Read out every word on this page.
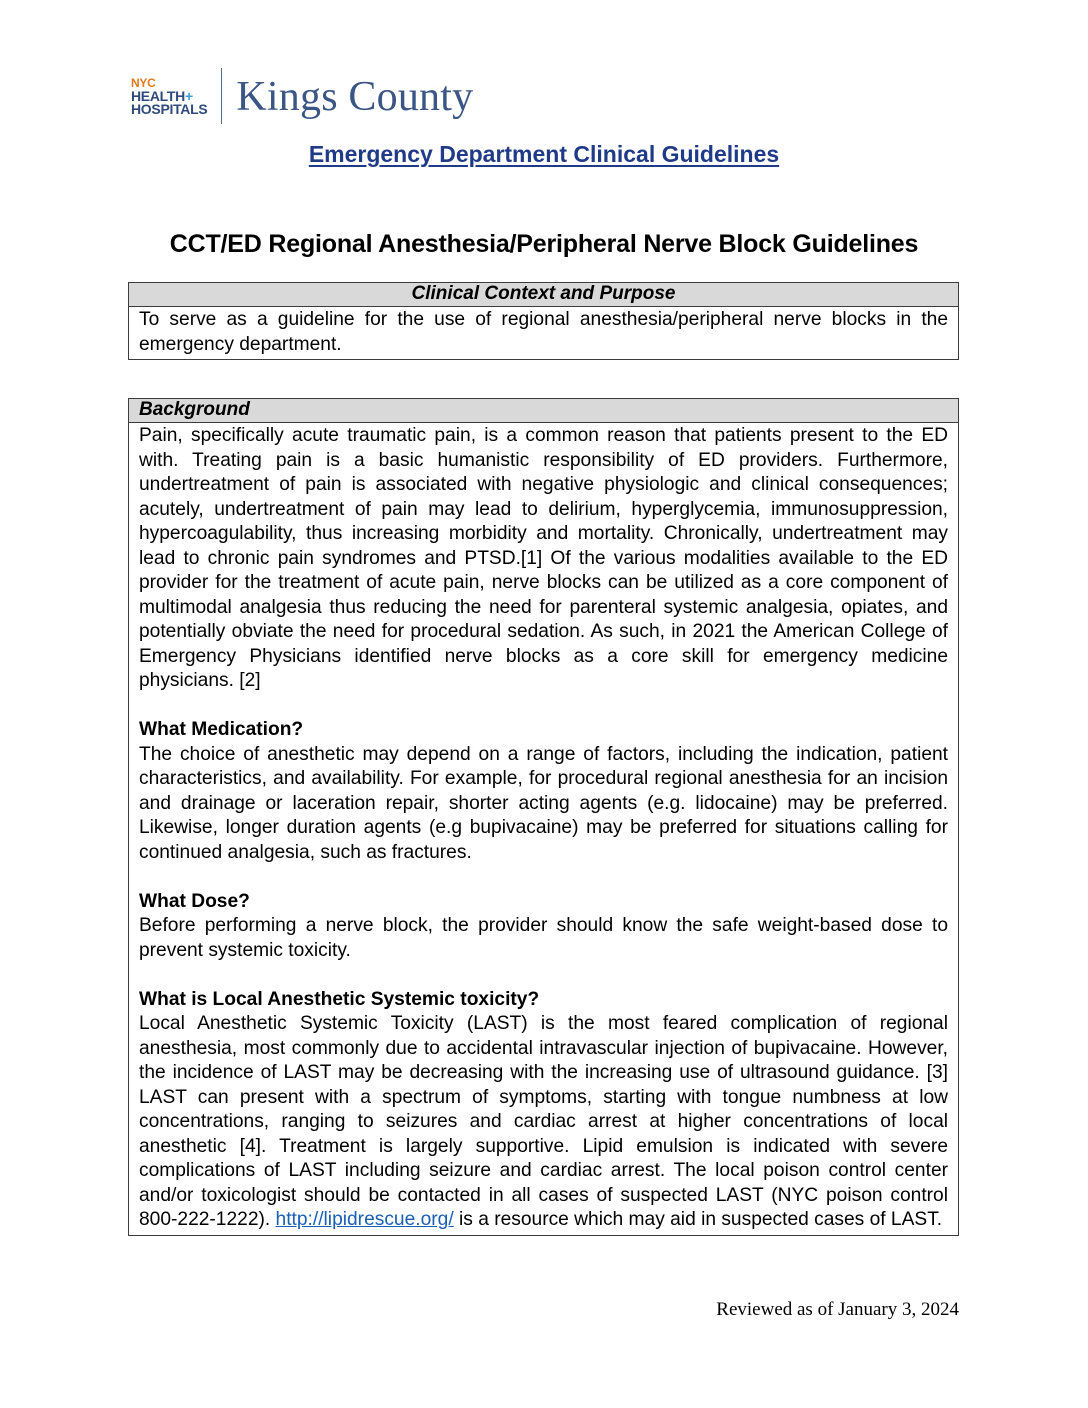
NYC
HEALTH+
HOSPITALS Kings County
Emergency Department Clinical Guidelines
CCT/ED Regional Anesthesia/Peripheral Nerve Block Guidelines
Clinical Context and Purpose

To serve as a guideline for the use of regional anesthesia/peripheral nerve blocks in the emergency department.

Background

Pain, specifically acute traumatic pain, is a common reason that patients present to the ED with. Treating pain is a basic humanistic responsibility of ED providers. Furthermore, undertreatment of pain is associated with negative physiologic and clinical consequences; acutely, undertreatment of pain may lead to delirium, hyperglycemia, immunosuppression, hypercoagulability, thus increasing morbidity and mortality. Chronically, undertreatment may lead to chronic pain syndromes and PTSD.[1] Of the various modalities available to the ED provider for the treatment of acute pain, nerve blocks can be utilized as a core component of multimodal analgesia thus reducing the need for parenteral systemic analgesia, opiates, and potentially obviate the need for procedural sedation. As such, in 2021 the American College of Emergency Physicians identified nerve blocks as a core skill for emergency medicine physicians. [2]

What Medication?

The choice of anesthetic may depend on a range of factors, including the indication, patient characteristics, and availability. For example, for procedural regional anesthesia for an incision and drainage or laceration repair, shorter acting agents (e.g. lidocaine) may be preferred. Likewise, longer duration agents (e.g bupivacaine) may be preferred for situations calling for continued analgesia, such as fractures.

What Dose?

Before performing a nerve block, the provider should know the safe weight-based dose to prevent systemic toxicity.

What is Local Anesthetic Systemic toxicity?

Local Anesthetic Systemic Toxicity (LAST) is the most feared complication of regional anesthesia, most commonly due to accidental intravascular injection of bupivacaine. However, the incidence of LAST may be decreasing with the increasing use of ultrasound guidance. [3] LAST can present with a spectrum of symptoms, starting with tongue numbness at low concentrations, ranging to seizures and cardiac arrest at higher concentrations of local anesthetic [4]. Treatment is largely supportive. Lipid emulsion is indicated with severe complications of LAST including seizure and cardiac arrest. The local poison control center and/or toxicologist should be contacted in all cases of suspected LAST (NYC poison control 800-222-1222). http://lipidrescue.org/ is a resource which may aid in suspected cases of LAST.

Reviewed as of January 3, 2024
